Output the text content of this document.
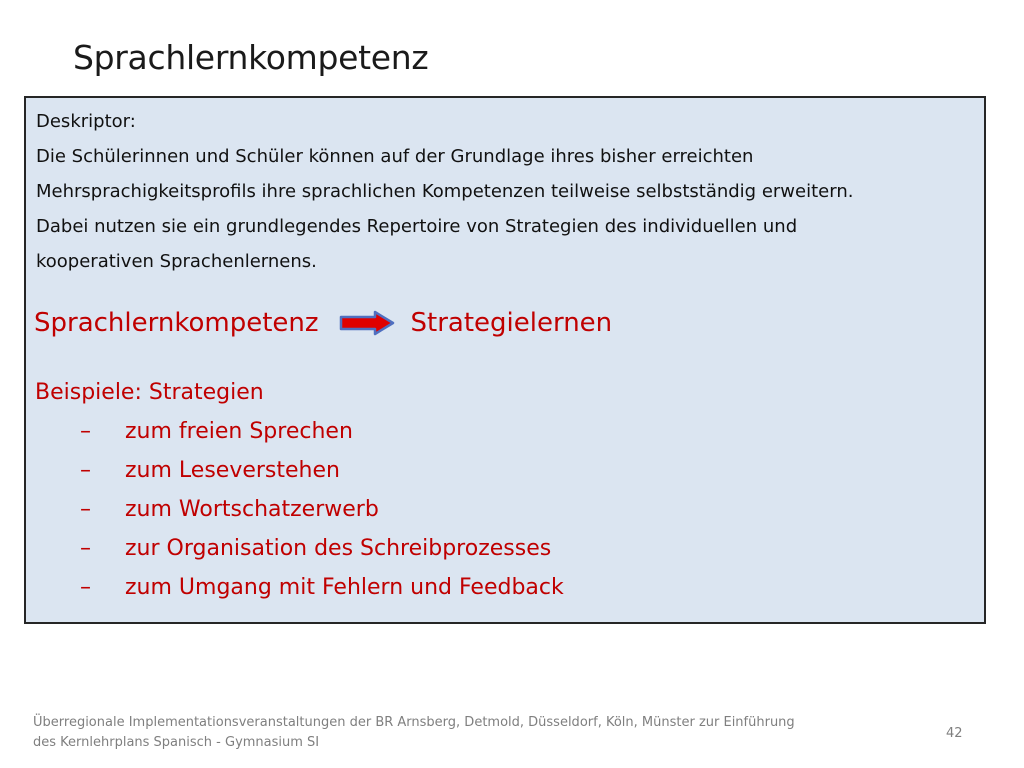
Sprachlernkompetenz
Deskriptor:
Die Schülerinnen und Schüler können auf der Grundlage ihres bisher erreichten
Mehrsprachigkeitsprofils ihre sprachlichen Kompetenzen teilweise selbstständig erweitern.
Dabei nutzen sie ein grundlegendes Repertoire von Strategien des individuellen und
kooperativen Sprachenlernens.
Sprachlernkompetenz	Strategielernen
Beispiele: Strategien
–	zum freien Sprechen
–	zum Leseverstehen
–	zum Wortschatzerwerb
–	zur Organisation des Schreibprozesses
–	zum Umgang mit Fehlern und Feedback
Überregionale Implementationsveranstaltungen der BR Arnsberg, Detmold, Düsseldorf, Köln, Münster zur Einführung
des Kernlehrplans Spanisch - Gymnasium SI
42
